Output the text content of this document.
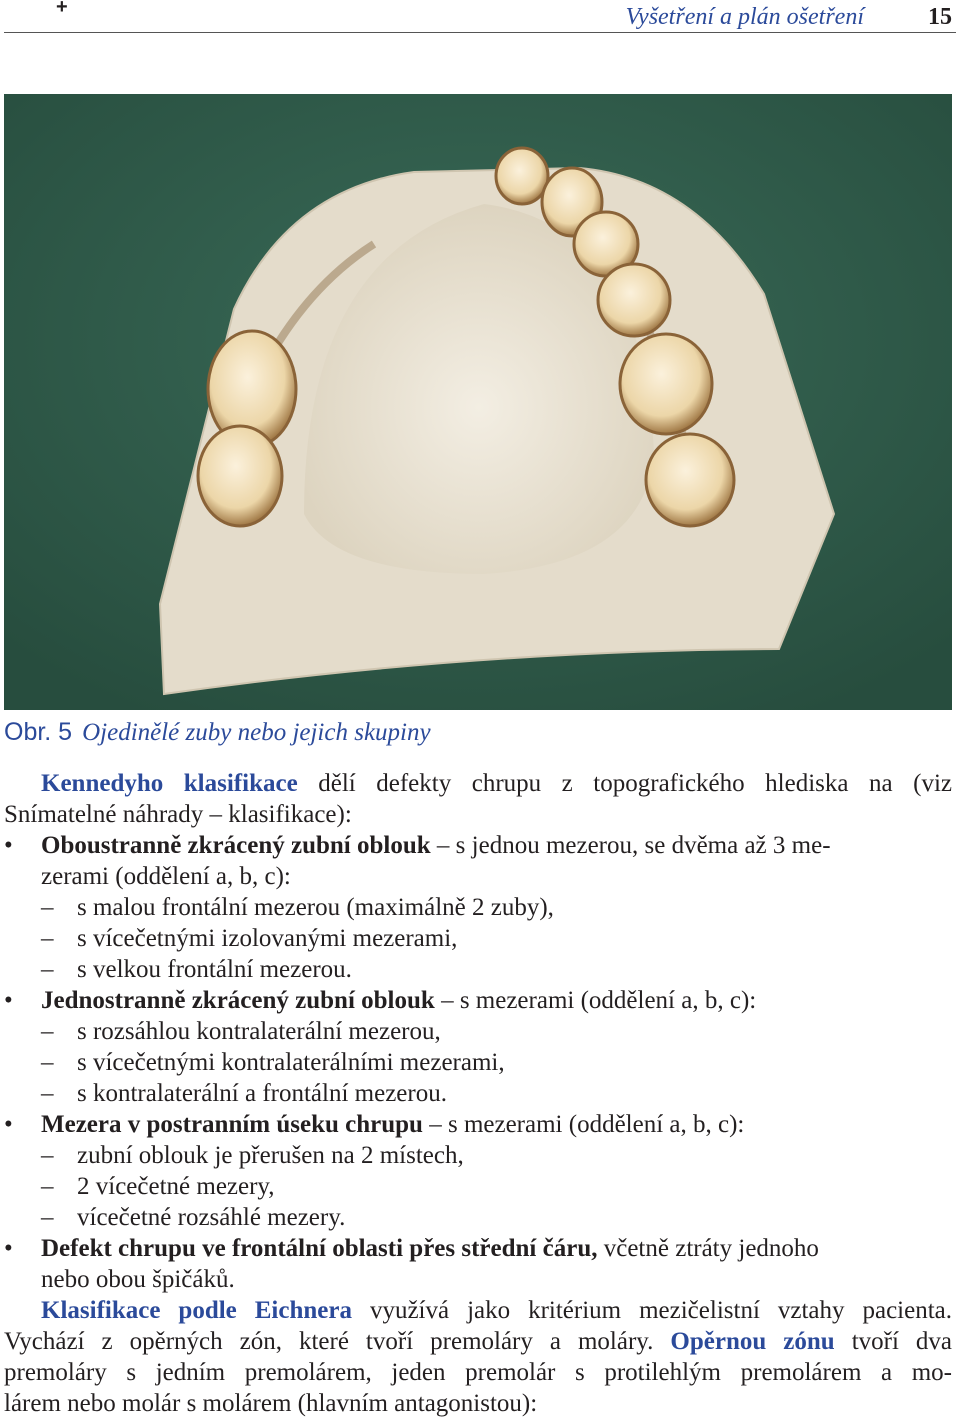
+	Vyšetření a plán ošetření	15
Obr. 5 Ojedinělé zuby nebo jejich skupiny
Kennedyho klasifikace dělí defekty chrupu z topografického hlediska na (viz
Snímatelné náhrady – klasifikace):
• Oboustranně zkrácený zubní oblouk – s jednou mezerou, se dvěma až 3 me-
zerami (oddělení a, b, c):
– s malou frontální mezerou (maximálně 2 zuby),
– s vícečetnými izolovanými mezerami,
– s velkou frontální mezerou.
• Jednostranně zkrácený zubní oblouk – s mezerami (oddělení a, b, c):
– s rozsáhlou kontralaterální mezerou,
– s vícečetnými kontralaterálními mezerami,
– s kontralaterální a frontální mezerou.
• Mezera v postranním úseku chrupu – s mezerami (oddělení a, b, c):
– zubní oblouk je přerušen na 2 místech,
– 2 vícečetné mezery,
– vícečetné rozsáhlé mezery.
• Defekt chrupu ve frontální oblasti přes střední čáru, včetně ztráty jednoho
nebo obou špičáků.
Klasifikace podle Eichnera využívá jako kritérium mezičelistní vztahy pacienta.
Vychází z opěrných zón, které tvoří premoláry a moláry. Opěrnou zónu tvoří dva
premoláry s jedním premolárem, jeden premolár s protilehlým premolárem a mo-
lárem nebo molár s molárem (hlavním antagonistou):
